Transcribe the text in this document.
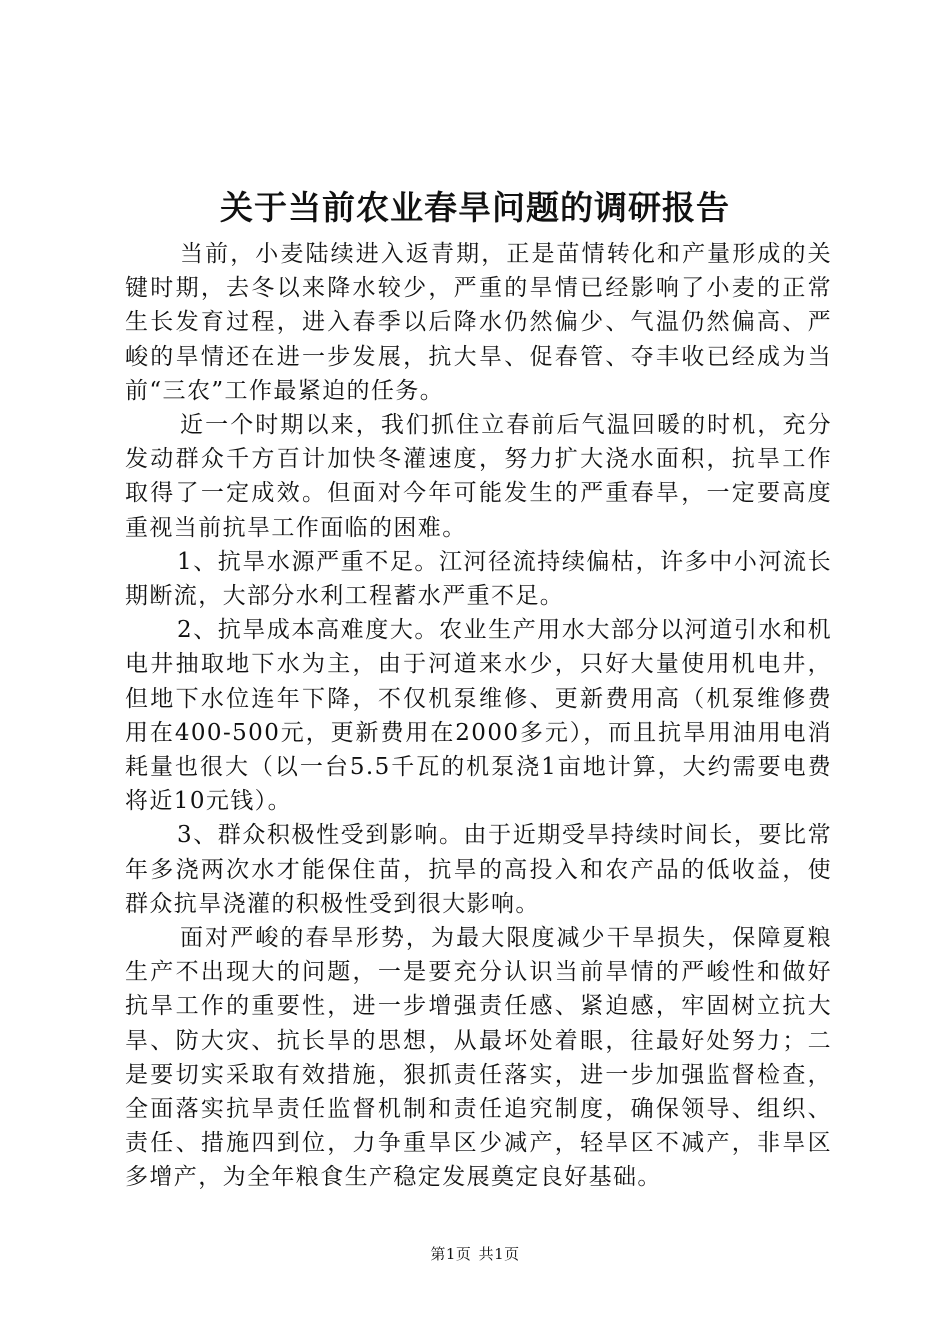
关于当前农业春旱问题的调研报告

当前，小麦陆续进入返青期，正是苗情转化和产量形成的关键时期，去冬以来降水较少，严重的旱情已经影响了小麦的正常生长发育过程，进入春季以后降水仍然偏少、气温仍然偏高、严峻的旱情还在进一步发展，抗大旱、促春管、夺丰收已经成为当前“三农”工作最紧迫的任务。

近一个时期以来，我们抓住立春前后气温回暖的时机，充分发动群众千方百计加快冬灌速度，努力扩大浇水面积，抗旱工作取得了一定成效。但面对今年可能发生的严重春旱，一定要高度重视当前抗旱工作面临的困难。

1、抗旱水源严重不足。江河径流持续偏枯，许多中小河流长期断流，大部分水利工程蓄水严重不足。

2、抗旱成本高难度大。农业生产用水大部分以河道引水和机电井抽取地下水为主，由于河道来水少，只好大量使用机电井，但地下水位连年下降，不仅机泵维修、更新费用高（机泵维修费用在400-500元，更新费用在2000多元），而且抗旱用油用电消耗量也很大（以一台5.5千瓦的机泵浇1亩地计算，大约需要电费将近10元钱）。

3、群众积极性受到影响。由于近期受旱持续时间长，要比常年多浇两次水才能保住苗，抗旱的高投入和农产品的低收益，使群众抗旱浇灌的积极性受到很大影响。

面对严峻的春旱形势，为最大限度减少干旱损失，保障夏粮生产不出现大的问题，一是要充分认识当前旱情的严峻性和做好抗旱工作的重要性，进一步增强责任感、紧迫感，牢固树立抗大旱、防大灾、抗长旱的思想，从最坏处着眼，往最好处努力；二是要切实采取有效措施，狠抓责任落实，进一步加强监督检查，全面落实抗旱责任监督机制和责任追究制度，确保领导、组织、责任、措施四到位，力争重旱区少减产，轻旱区不减产，非旱区多增产，为全年粮食生产稳定发展奠定良好基础。

第1页 共1页
